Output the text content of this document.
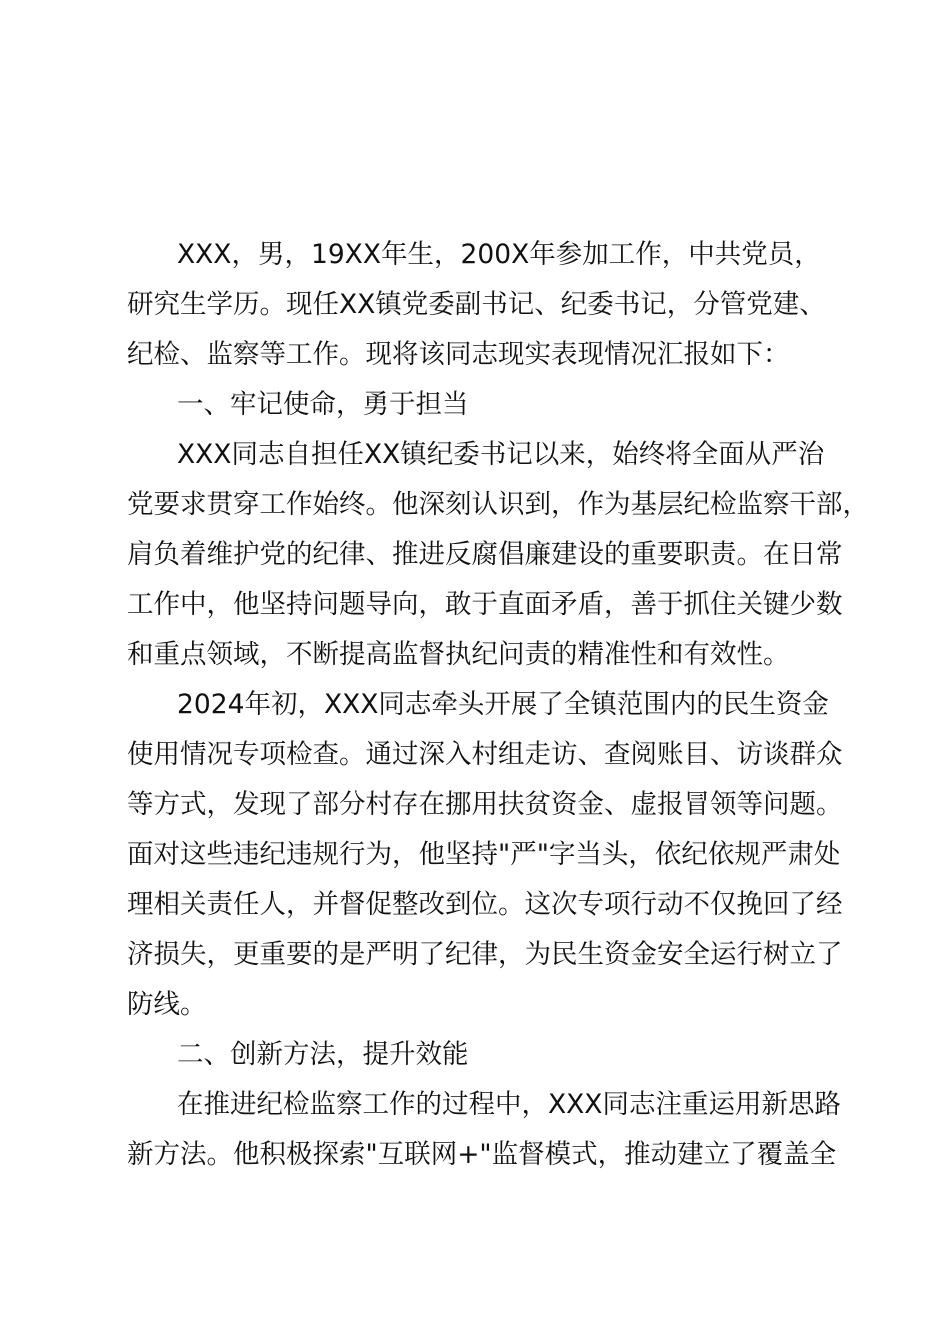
XXX，男，19XX年生，200X年参加工作，中共党员，
研究生学历。现任XX镇党委副书记、纪委书记，分管党建、
纪检、监察等工作。现将该同志现实表现情况汇报如下：
一、牢记使命，勇于担当
XXX同志自担任XX镇纪委书记以来，始终将全面从严治
党要求贯穿工作始终。他深刻认识到，作为基层纪检监察干部，
肩负着维护党的纪律、推进反腐倡廉建设的重要职责。在日常
工作中，他坚持问题导向，敢于直面矛盾，善于抓住关键少数
和重点领域，不断提高监督执纪问责的精准性和有效性。
2024年初，XXX同志牵头开展了全镇范围内的民生资金
使用情况专项检查。通过深入村组走访、查阅账目、访谈群众
等方式，发现了部分村存在挪用扶贫资金、虚报冒领等问题。
面对这些违纪违规行为，他坚持"严"字当头，依纪依规严肃处
理相关责任人，并督促整改到位。这次专项行动不仅挽回了经
济损失，更重要的是严明了纪律，为民生资金安全运行树立了
防线。
二、创新方法，提升效能
在推进纪检监察工作的过程中，XXX同志注重运用新思路
新方法。他积极探索"互联网+"监督模式，推动建立了覆盖全
